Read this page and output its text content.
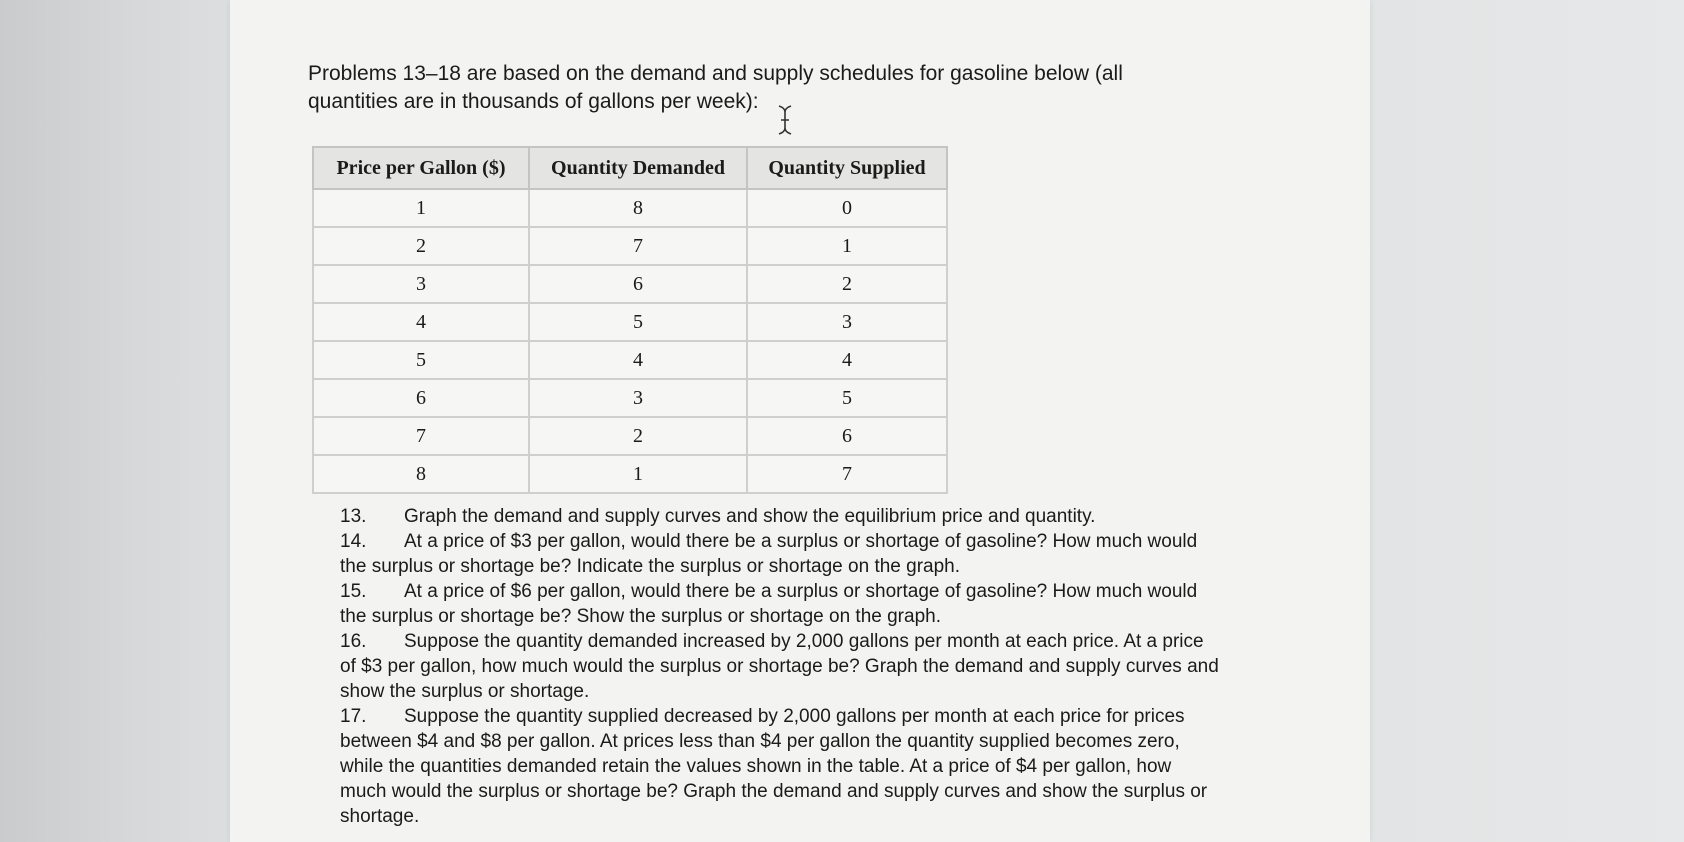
Problems 13–18 are based on the demand and supply schedules for gasoline below (all
quantities are in thousands of gallons per week):

Price per Gallon ($)	Quantity Demanded	Quantity Supplied
1	8	0
2	7	1
3	6	2
4	5	3
5	4	4
6	3	5
7	2	6
8	1	7
13. Graph the demand and supply curves and show the equilibrium price and quantity.
14. At a price of $3 per gallon, would there be a surplus or shortage of gasoline? How much would the surplus or shortage be? Indicate the surplus or shortage on the graph.
15. At a price of $6 per gallon, would there be a surplus or shortage of gasoline? How much would the surplus or shortage be? Show the surplus or shortage on the graph.
16. Suppose the quantity demanded increased by 2,000 gallons per month at each price. At a price of $3 per gallon, how much would the surplus or shortage be? Graph the demand and supply curves and show the surplus or shortage.
17. Suppose the quantity supplied decreased by 2,000 gallons per month at each price for prices between $4 and $8 per gallon. At prices less than $4 per gallon the quantity supplied becomes zero, while the quantities demanded retain the values shown in the table. At a price of $4 per gallon, how much would the surplus or shortage be? Graph the demand and supply curves and show the surplus or shortage.
